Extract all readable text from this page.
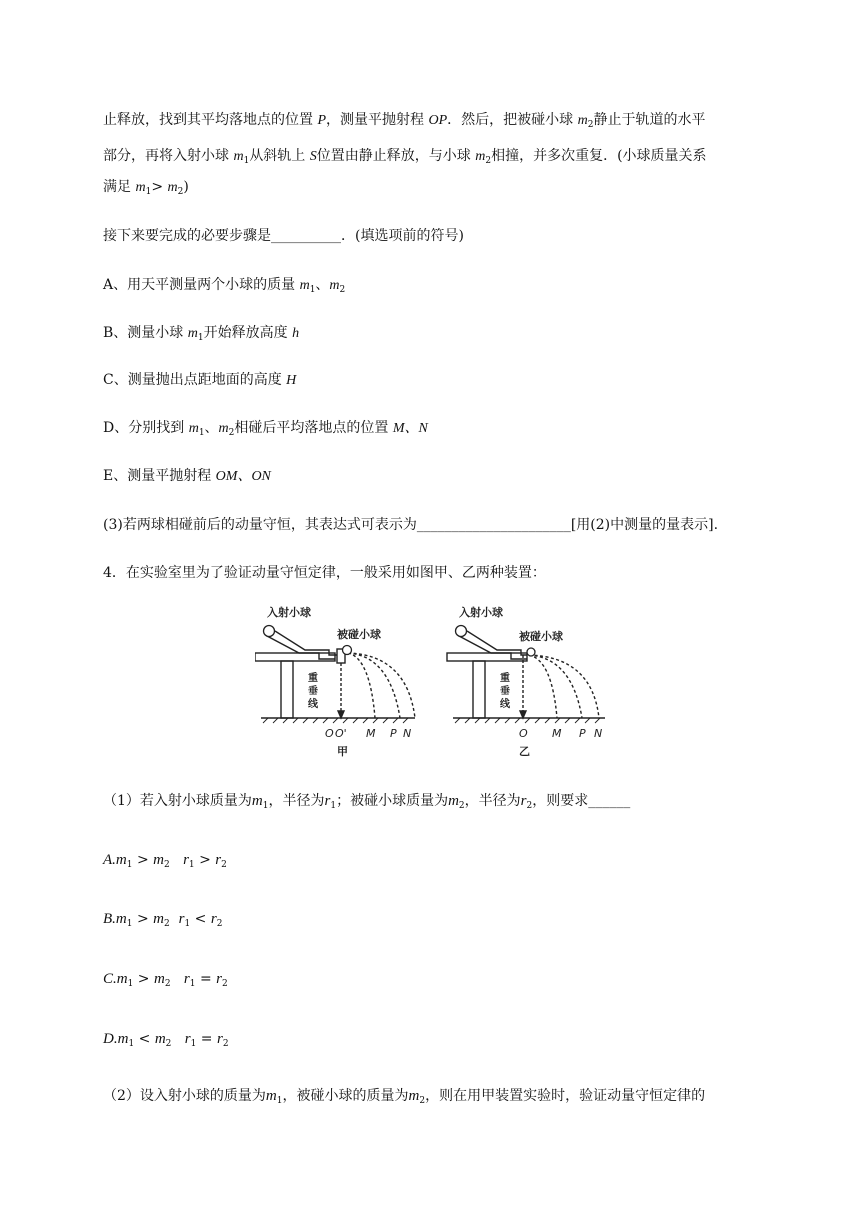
止释放，找到其平均落地点的位置 P，测量平抛射程 OP．然后，把被碰小球 $m_2$静止于轨道的水平
部分，再将入射小球 $m_1$从斜轨上 S位置由静止释放，与小球 $m_2$相撞，并多次重复．(小球质量关系
满足 $m_1> m_2$)
接下来要完成的必要步骤是__________．(填选项前的符号)
A、用天平测量两个小球的质量 $m_1$、$m_2$
B、测量小球 $m_1$开始释放高度 h
C、测量抛出点距地面的高度 H
D、分别找到 $m_1$、$m_2$相碰后平均落地点的位置 M、N
E、测量平抛射程 OM、ON
(3)若两球相碰前后的动量守恒，其表达式可表示为______________________[用(2)中测量的量表示].
4．在实验室里为了验证动量守恒定律，一般采用如图甲、乙两种装置：
入射小球
被碰小球
重
垂
线
入射小球
被碰小球
重
垂
线
O O' M P N	O M P N
甲	乙
（1）若入射小球质量为$m_1$，半径为$r_1$；被碰小球质量为$m_2$，半径为$r_2$，则要求______
$A.m_1 > m_2$ $r_1 > r_2$
$B.m_1 > m_2$ $r_1 < r_2$
$C.m_1 > m_2$ $r_1 = r_2$
$D.m_1 < m_2$ $r_1 = r_2$
（2）设入射小球的质量为$m_1$，被碰小球的质量为$m_2$，则在用甲装置实验时，验证动量守恒定律的
